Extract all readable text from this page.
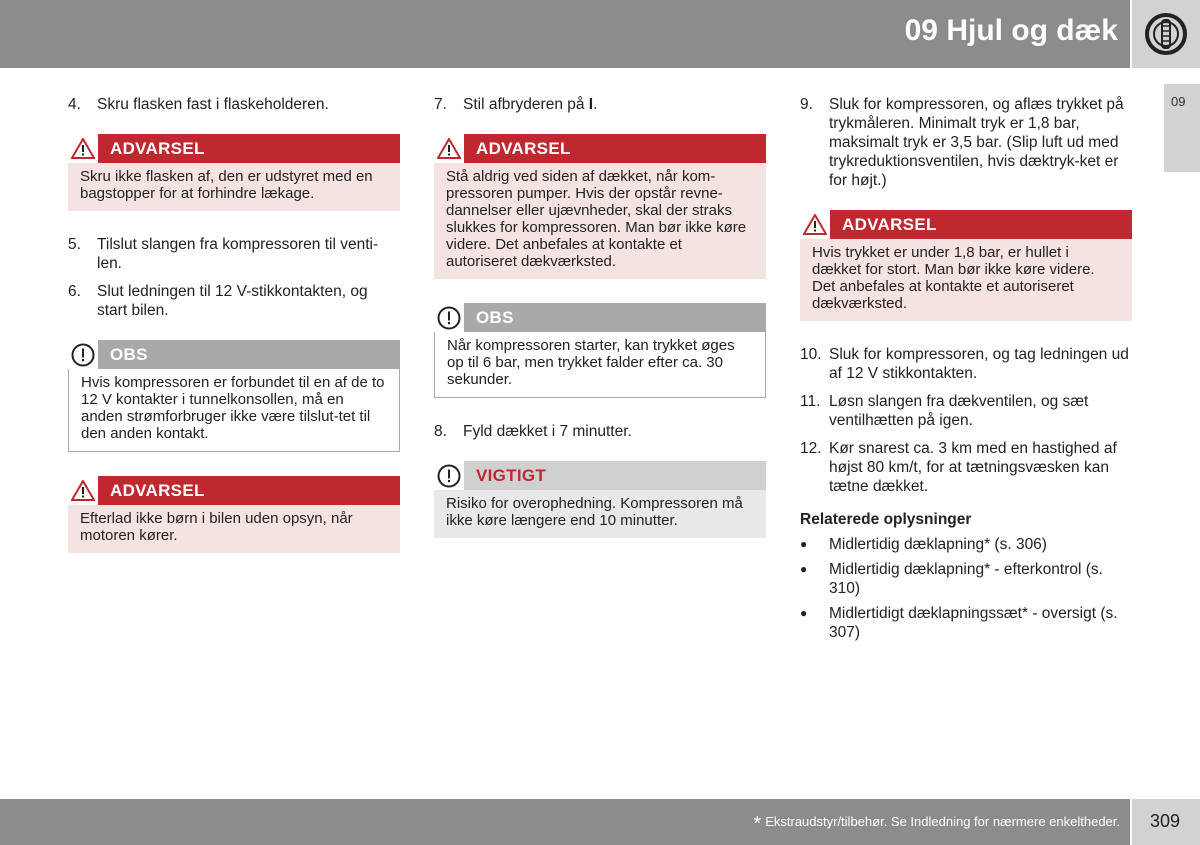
09 Hjul og dæk
09
4.	Skru flasken fast i flaskeholderen.
ADVARSEL
Skru ikke flasken af, den er udstyret med en bagstopper for at forhindre lækage.
5.	Tilslut slangen fra kompressoren til venti-len.
6.	Slut ledningen til 12 V-stikkontakten, og start bilen.
OBS
Hvis kompressoren er forbundet til en af de to 12 V kontakter i tunnelkonsollen, må en anden strømforbruger ikke være tilslut-tet til den anden kontakt.
ADVARSEL
Efterlad ikke børn i bilen uden opsyn, når motoren kører.
7.	Stil afbryderen på I.
ADVARSEL
Stå aldrig ved siden af dækket, når kom-pressoren pumper. Hvis der opstår revne-dannelser eller ujævnheder, skal der straks slukkes for kompressoren. Man bør ikke køre videre. Det anbefales at kontakte et autoriseret dækværksted.
OBS
Når kompressoren starter, kan trykket øges op til 6 bar, men trykket falder efter ca. 30 sekunder.
8.	Fyld dækket i 7 minutter.
VIGTIGT
Risiko for overophedning. Kompressoren må ikke køre længere end 10 minutter.
9.	Sluk for kompressoren, og aflæs trykket på trykmåleren. Minimalt tryk er 1,8 bar, maksimalt tryk er 3,5 bar. (Slip luft ud med trykreduktionsventilen, hvis dæktryk-ket er for højt.)
ADVARSEL
Hvis trykket er under 1,8 bar, er hullet i dækket for stort. Man bør ikke køre videre. Det anbefales at kontakte et autoriseret dækværksted.
10. Sluk for kompressoren, og tag ledningen ud af 12 V stikkontakten.
11. Løsn slangen fra dækventilen, og sæt ventilhætten på igen.
12. Kør snarest ca. 3 km med en hastighed af højst 80 km/t, for at tætningsvæsken kan tætne dækket.
Relaterede oplysninger
●	Midlertidig dæklapning* (s. 306)
●	Midlertidig dæklapning* - efterkontrol (s. 310)
●	Midlertidigt dæklapningssæt* - oversigt (s. 307)
* Ekstraudstyr/tilbehør. Se Indledning for nærmere enkeltheder. 309
